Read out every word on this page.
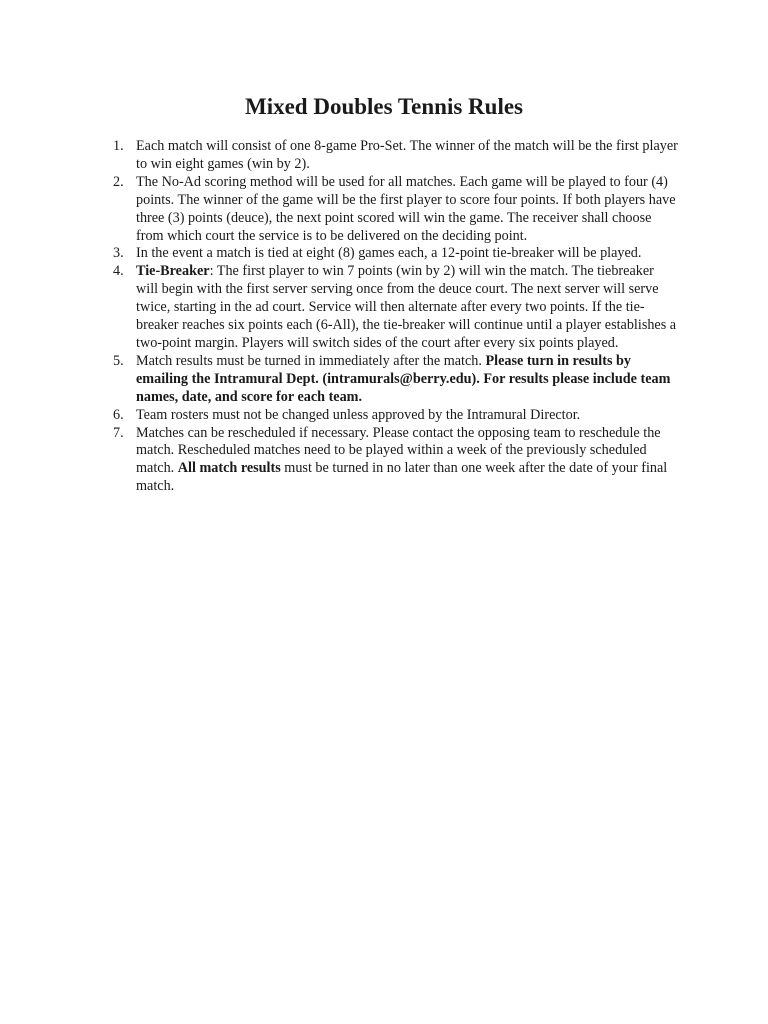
Mixed Doubles Tennis Rules
1. Each match will consist of one 8-game Pro-Set. The winner of the match will be the first player to win eight games (win by 2).
2. The No-Ad scoring method will be used for all matches. Each game will be played to four (4) points. The winner of the game will be the first player to score four points. If both players have three (3) points (deuce), the next point scored will win the game. The receiver shall choose from which court the service is to be delivered on the deciding point.
3. In the event a match is tied at eight (8) games each, a 12-point tie-breaker will be played.
4. Tie-Breaker: The first player to win 7 points (win by 2) will win the match. The tiebreaker will begin with the first server serving once from the deuce court. The next server will serve twice, starting in the ad court. Service will then alternate after every two points. If the tie-breaker reaches six points each (6-All), the tie-breaker will continue until a player establishes a two-point margin. Players will switch sides of the court after every six points played.
5. Match results must be turned in immediately after the match. Please turn in results by emailing the Intramural Dept. (intramurals@berry.edu). For results please include team names, date, and score for each team.
6. Team rosters must not be changed unless approved by the Intramural Director.
7. Matches can be rescheduled if necessary. Please contact the opposing team to reschedule the match. Rescheduled matches need to be played within a week of the previously scheduled match. All match results must be turned in no later than one week after the date of your final match.
